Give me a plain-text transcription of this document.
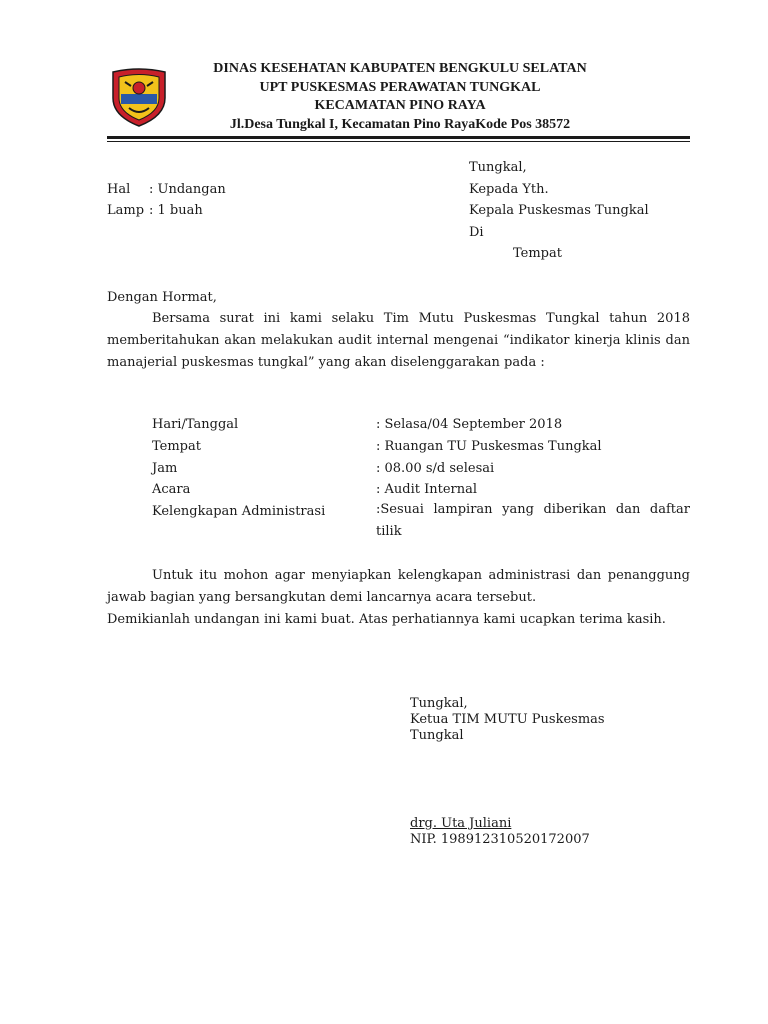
DINAS KESEHATAN KABUPATEN BENGKULU SELATAN
UPT PUSKESMAS PERAWATAN TUNGKAL
KECAMATAN PINO RAYA
Jl.Desa Tungkal I, Kecamatan Pino RayaKode Pos 38572
Tungkal,
Hal : Undangan
Lamp : 1 buah
Kepada Yth.
Kepala Puskesmas Tungkal
Di
Tempat
Dengan Hormat,
Bersama surat ini kami selaku Tim Mutu Puskesmas Tungkal tahun 2018 memberitahukan akan melakukan audit internal mengenai “indikator kinerja klinis dan manajerial puskesmas tungkal” yang akan diselenggarakan pada :
Hari/Tanggal	: Selasa/04 September 2018
Tempat	: Ruangan TU Puskesmas Tungkal
Jam	: 08.00 s/d selesai
Acara	: Audit Internal
Kelengkapan Administrasi	:Sesuai lampiran yang diberikan dan daftar tilik
Untuk itu mohon agar menyiapkan kelengkapan administrasi dan penanggung jawab bagian yang bersangkutan demi lancarnya acara tersebut.
Demikianlah undangan ini kami buat. Atas perhatiannya kami ucapkan terima kasih.
Tungkal,
Ketua TIM MUTU Puskesmas
Tungkal
drg. Uta Juliani
NIP. 198912310520172007
